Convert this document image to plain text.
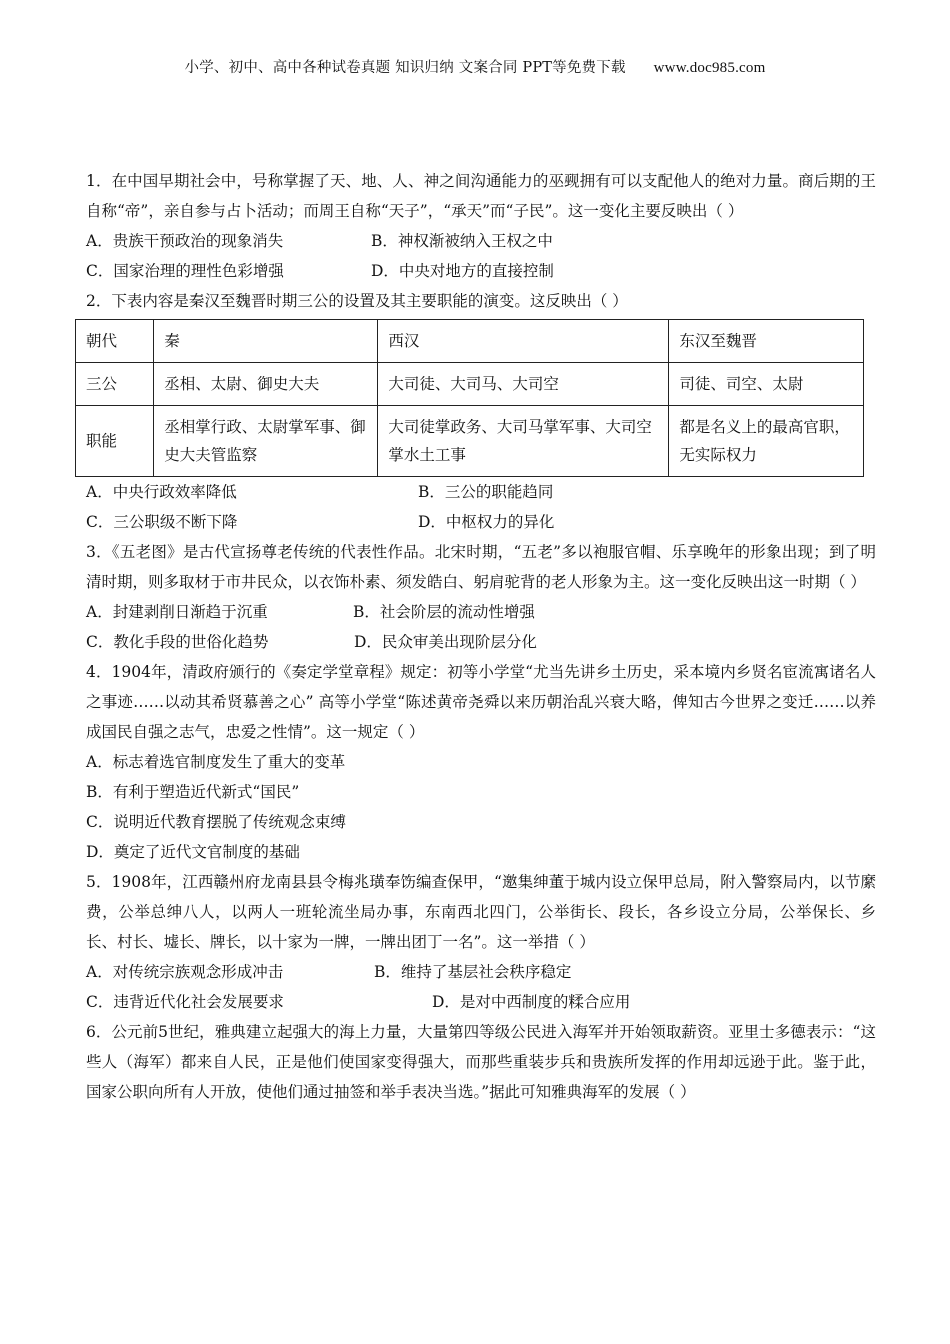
小学、初中、高中各种试卷真题 知识归纳 文案合同 PPT等免费下载 www.doc985.com

1．在中国早期社会中，号称掌握了天、地、人、神之间沟通能力的巫觋拥有可以支配他人的绝对力量。商后期的王自称“帝”，亲自参与占卜活动；而周王自称“天子”，“承天”而“子民”。这一变化主要反映出（ ）

A．贵族干预政治的现象消失	B．神权渐被纳入王权之中
C．国家治理的理性色彩增强	D．中央对地方的直接控制

2．下表内容是秦汉至魏晋时期三公的设置及其主要职能的演变。这反映出（ ）

朝代	秦	西汉	东汉至魏晋
三公	丞相、太尉、御史大夫	大司徒、大司马、大司空	司徒、司空、太尉
职能	丞相掌行政、太尉掌军事、御史大夫管监察	大司徒掌政务、大司马掌军事、大司空掌水土工事	都是名义上的最高官职，无实际权力
A．中央行政效率降低	B．三公的职能趋同
C．三公职级不断下降	D．中枢权力的异化

3．《五老图》是古代宣扬尊老传统的代表性作品。北宋时期，“五老”多以袍服官帽、乐享晚年的形象出现；到了明清时期，则多取材于市井民众，以衣饰朴素、须发皓白、躬肩驼背的老人形象为主。这一变化反映出这一时期（ ）

A．封建剥削日渐趋于沉重	B．社会阶层的流动性增强
C．教化手段的世俗化趋势	D．民众审美出现阶层分化

4．1904年，清政府颁行的《奏定学堂章程》规定：初等小学堂“尤当先讲乡土历史，采本境内乡贤名宦流寓诸名人之事迹……以动其希贤慕善之心” 高等小学堂“陈述黄帝尧舜以来历朝治乱兴衰大略，俾知古今世界之变迁……以养成国民自强之志气，忠爱之性情”。这一规定（ ）

A．标志着选官制度发生了重大的变革
B．有利于塑造近代新式“国民”
C．说明近代教育摆脱了传统观念束缚
D．奠定了近代文官制度的基础

5．1908年，江西赣州府龙南县县令梅兆璜奉饬编查保甲，“邀集绅董于城内设立保甲总局，附入警察局内，以节縻费，公举总绅八人，以两人一班轮流坐局办事，东南西北四门，公举街长、段长，各乡设立分局，公举保长、乡长、村长、墟长、牌长，以十家为一牌，一牌出团丁一名”。这一举措（ ）

A．对传统宗族观念形成冲击	B．维持了基层社会秩序稳定
C．违背近代化社会发展要求	D．是对中西制度的糅合应用

6．公元前5世纪，雅典建立起强大的海上力量，大量第四等级公民进入海军并开始领取薪资。亚里士多德表示：“这些人（海军）都来自人民，正是他们使国家变得强大，而那些重装步兵和贵族所发挥的作用却远逊于此。鉴于此，国家公职向所有人开放，使他们通过抽签和举手表决当选。”据此可知雅典海军的发展（ ）
